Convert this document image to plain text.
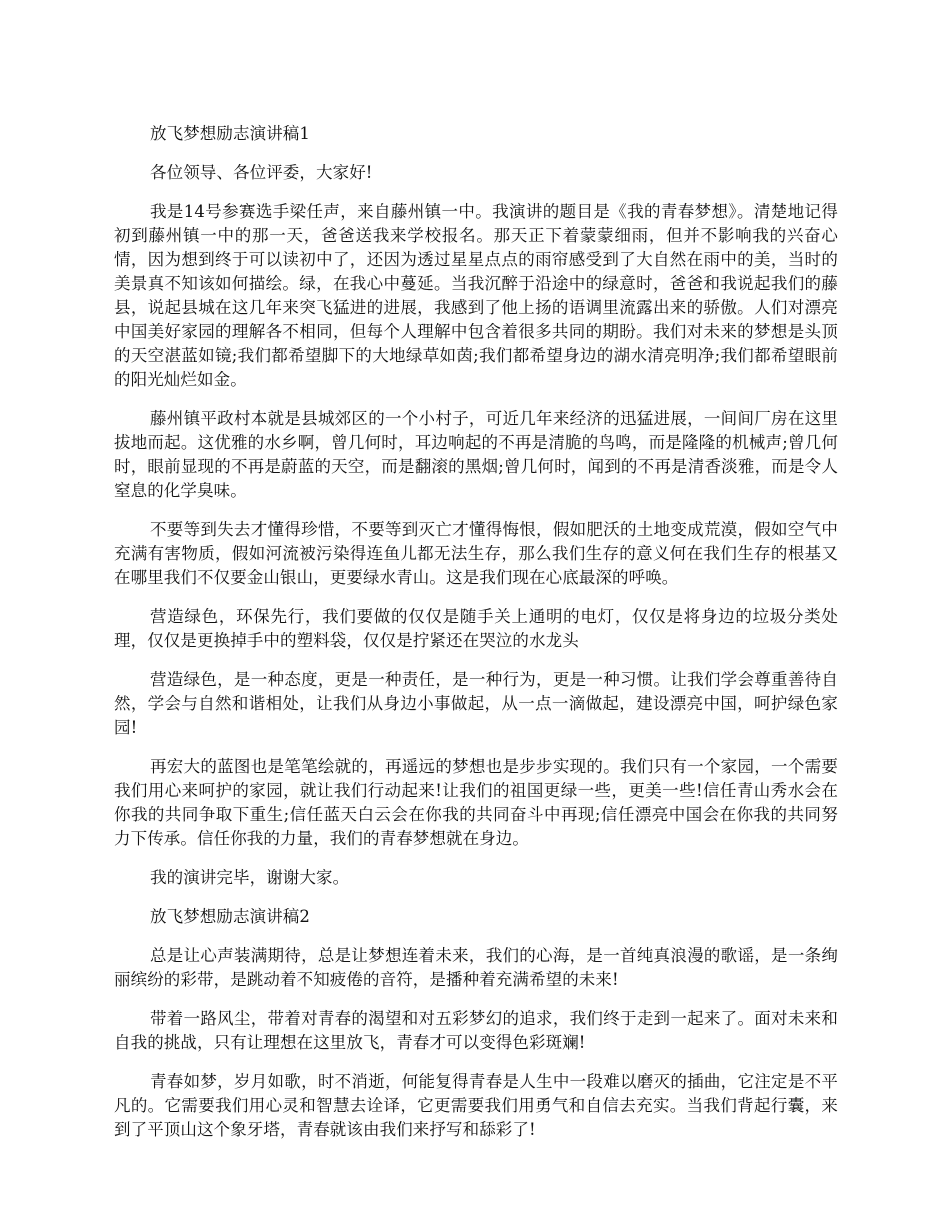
放飞梦想励志演讲稿1

各位领导、各位评委，大家好!

我是14号参赛选手梁任声，来自藤州镇一中。我演讲的题目是《我的青春梦想》。清楚地记得初到藤州镇一中的那一天，爸爸送我来学校报名。那天正下着蒙蒙细雨，但并不影响我的兴奋心情，因为想到终于可以读初中了，还因为透过星星点点的雨帘感受到了大自然在雨中的美，当时的美景真不知该如何描绘。绿，在我心中蔓延。当我沉醉于沿途中的绿意时，爸爸和我说起我们的藤县，说起县城在这几年来突飞猛进的进展，我感到了他上扬的语调里流露出来的骄傲。人们对漂亮中国美好家园的理解各不相同，但每个人理解中包含着很多共同的期盼。我们对未来的梦想是头顶的天空湛蓝如镜;我们都希望脚下的大地绿草如茵;我们都希望身边的湖水清亮明净;我们都希望眼前的阳光灿烂如金。

藤州镇平政村本就是县城郊区的一个小村子，可近几年来经济的迅猛进展，一间间厂房在这里拔地而起。这优雅的水乡啊，曾几何时，耳边响起的不再是清脆的鸟鸣，而是隆隆的机械声;曾几何时，眼前显现的不再是蔚蓝的天空，而是翻滚的黑烟;曾几何时，闻到的不再是清香淡雅，而是令人窒息的化学臭味。

不要等到失去才懂得珍惜，不要等到灭亡才懂得悔恨，假如肥沃的土地变成荒漠，假如空气中充满有害物质，假如河流被污染得连鱼儿都无法生存，那么我们生存的意义何在我们生存的根基又在哪里我们不仅要金山银山，更要绿水青山。这是我们现在心底最深的呼唤。

营造绿色，环保先行，我们要做的仅仅是随手关上通明的电灯，仅仅是将身边的垃圾分类处理，仅仅是更换掉手中的塑料袋，仅仅是拧紧还在哭泣的水龙头

营造绿色，是一种态度，更是一种责任，是一种行为，更是一种习惯。让我们学会尊重善待自然，学会与自然和谐相处，让我们从身边小事做起，从一点一滴做起，建设漂亮中国，呵护绿色家园!

再宏大的蓝图也是笔笔绘就的，再遥远的梦想也是步步实现的。我们只有一个家园，一个需要我们用心来呵护的家园，就让我们行动起来!让我们的祖国更绿一些，更美一些!信任青山秀水会在你我的共同争取下重生;信任蓝天白云会在你我的共同奋斗中再现;信任漂亮中国会在你我的共同努力下传承。信任你我的力量，我们的青春梦想就在身边。

我的演讲完毕，谢谢大家。

放飞梦想励志演讲稿2

总是让心声装满期待，总是让梦想连着未来，我们的心海，是一首纯真浪漫的歌谣，是一条绚丽缤纷的彩带，是跳动着不知疲倦的音符，是播种着充满希望的未来!

带着一路风尘，带着对青春的渴望和对五彩梦幻的追求，我们终于走到一起来了。面对未来和自我的挑战，只有让理想在这里放飞，青春才可以变得色彩斑斓!

青春如梦，岁月如歌，时不消逝，何能复得青春是人生中一段难以磨灭的插曲，它注定是不平凡的。它需要我们用心灵和智慧去诠译，它更需要我们用勇气和自信去充实。当我们背起行囊，来到了平顶山这个象牙塔，青春就该由我们来抒写和舔彩了!
